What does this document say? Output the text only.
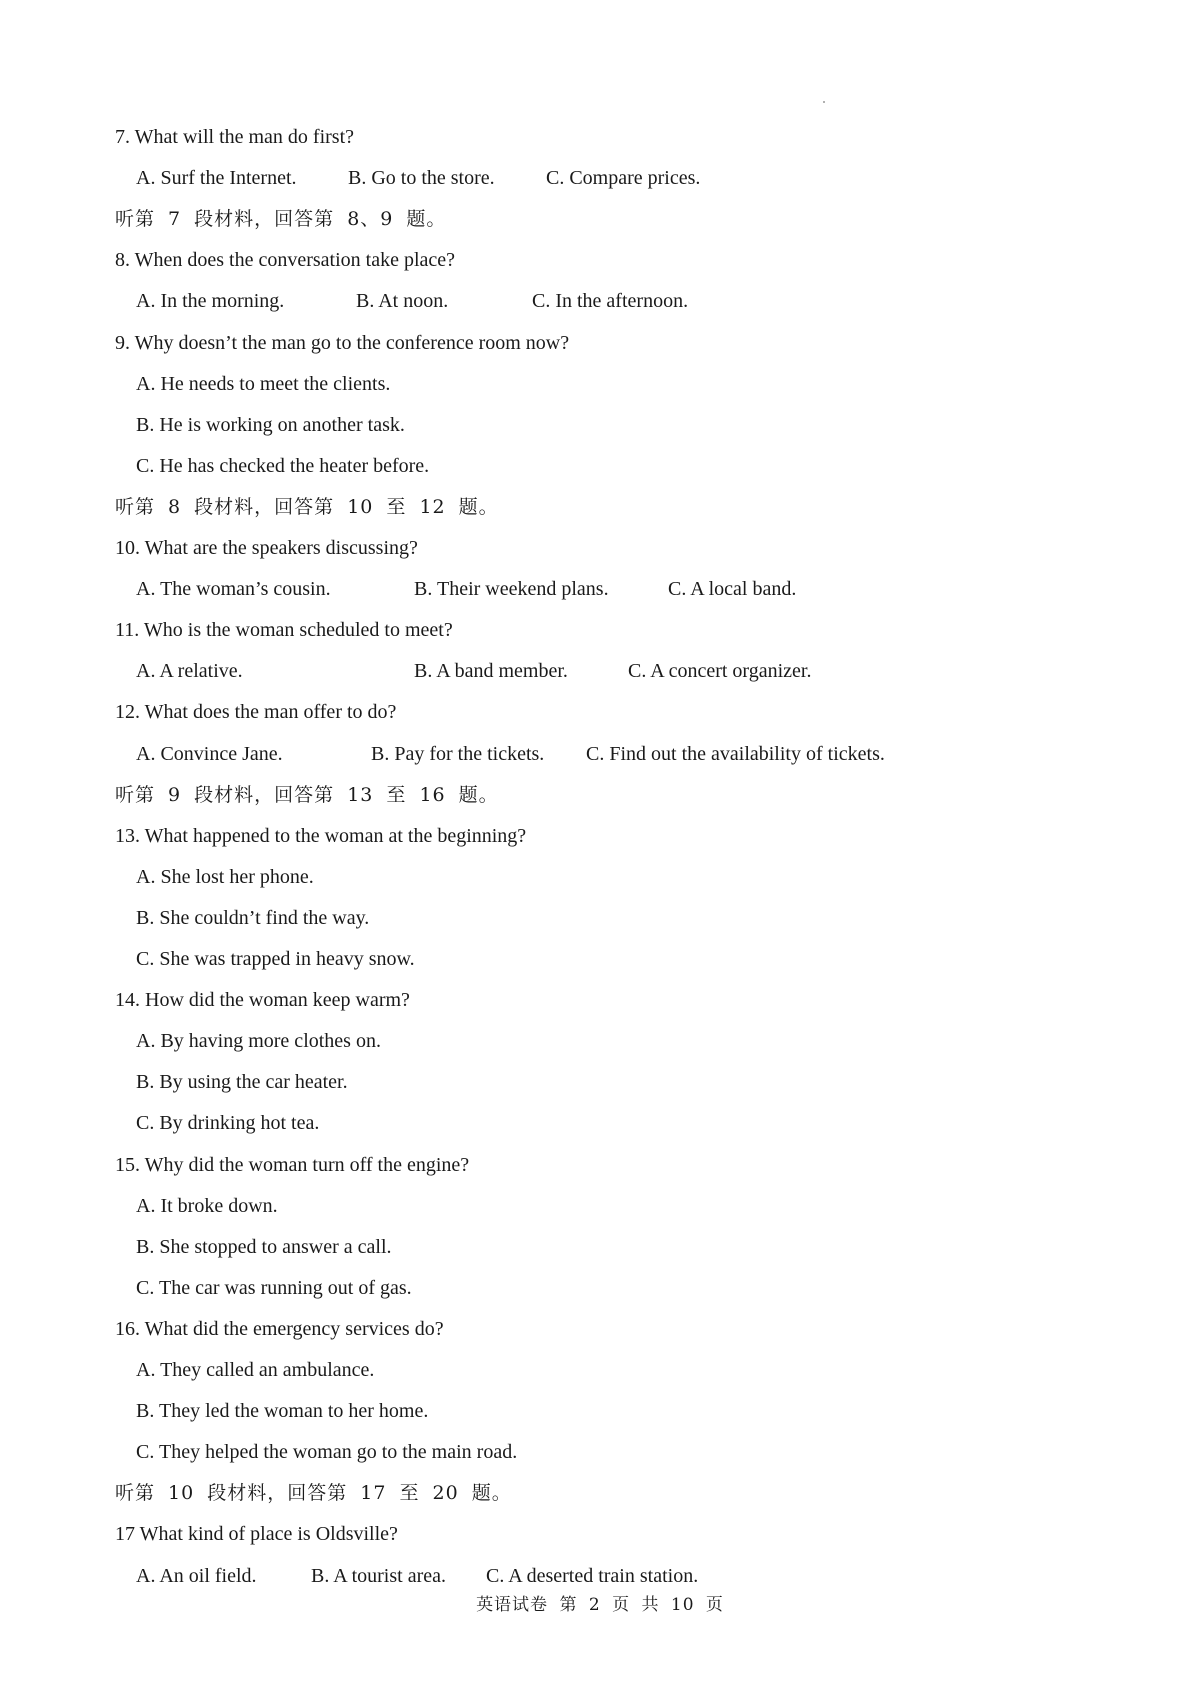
7. What will the man do first?
A. Surf the Internet.	B. Go to the store.	C. Compare prices.
听第 7 段材料，回答第 8、9 题。
8. When does the conversation take place?
A. In the morning.	B. At noon.	C. In the afternoon.
9. Why doesn’t the man go to the conference room now?
A. He needs to meet the clients.
B. He is working on another task.
C. He has checked the heater before.
听第 8 段材料，回答第 10 至 12 题。
10. What are the speakers discussing?
A. The woman’s cousin.	B. Their weekend plans.	C. A local band.
11. Who is the woman scheduled to meet?
A. A relative.	B. A band member.	C. A concert organizer.
12. What does the man offer to do?
A. Convince Jane.	B. Pay for the tickets. C. Find out the availability of tickets.
听第 9 段材料，回答第 13 至 16 题。
13. What happened to the woman at the beginning?
A. She lost her phone.
B. She couldn’t find the way.
C. She was trapped in heavy snow.
14. How did the woman keep warm?
A. By having more clothes on.
B. By using the car heater.
C. By drinking hot tea.
15. Why did the woman turn off the engine?
A. It broke down.
B. She stopped to answer a call.
C. The car was running out of gas.
16. What did the emergency services do?
A. They called an ambulance.
B. They led the woman to her home.
C. They helped the woman go to the main road.
听第 10 段材料，回答第 17 至 20 题。
17 What kind of place is Oldsville?
A. An oil field.	B. A tourist area. C. A deserted train station.
英语试卷 第 2 页 共 10 页
